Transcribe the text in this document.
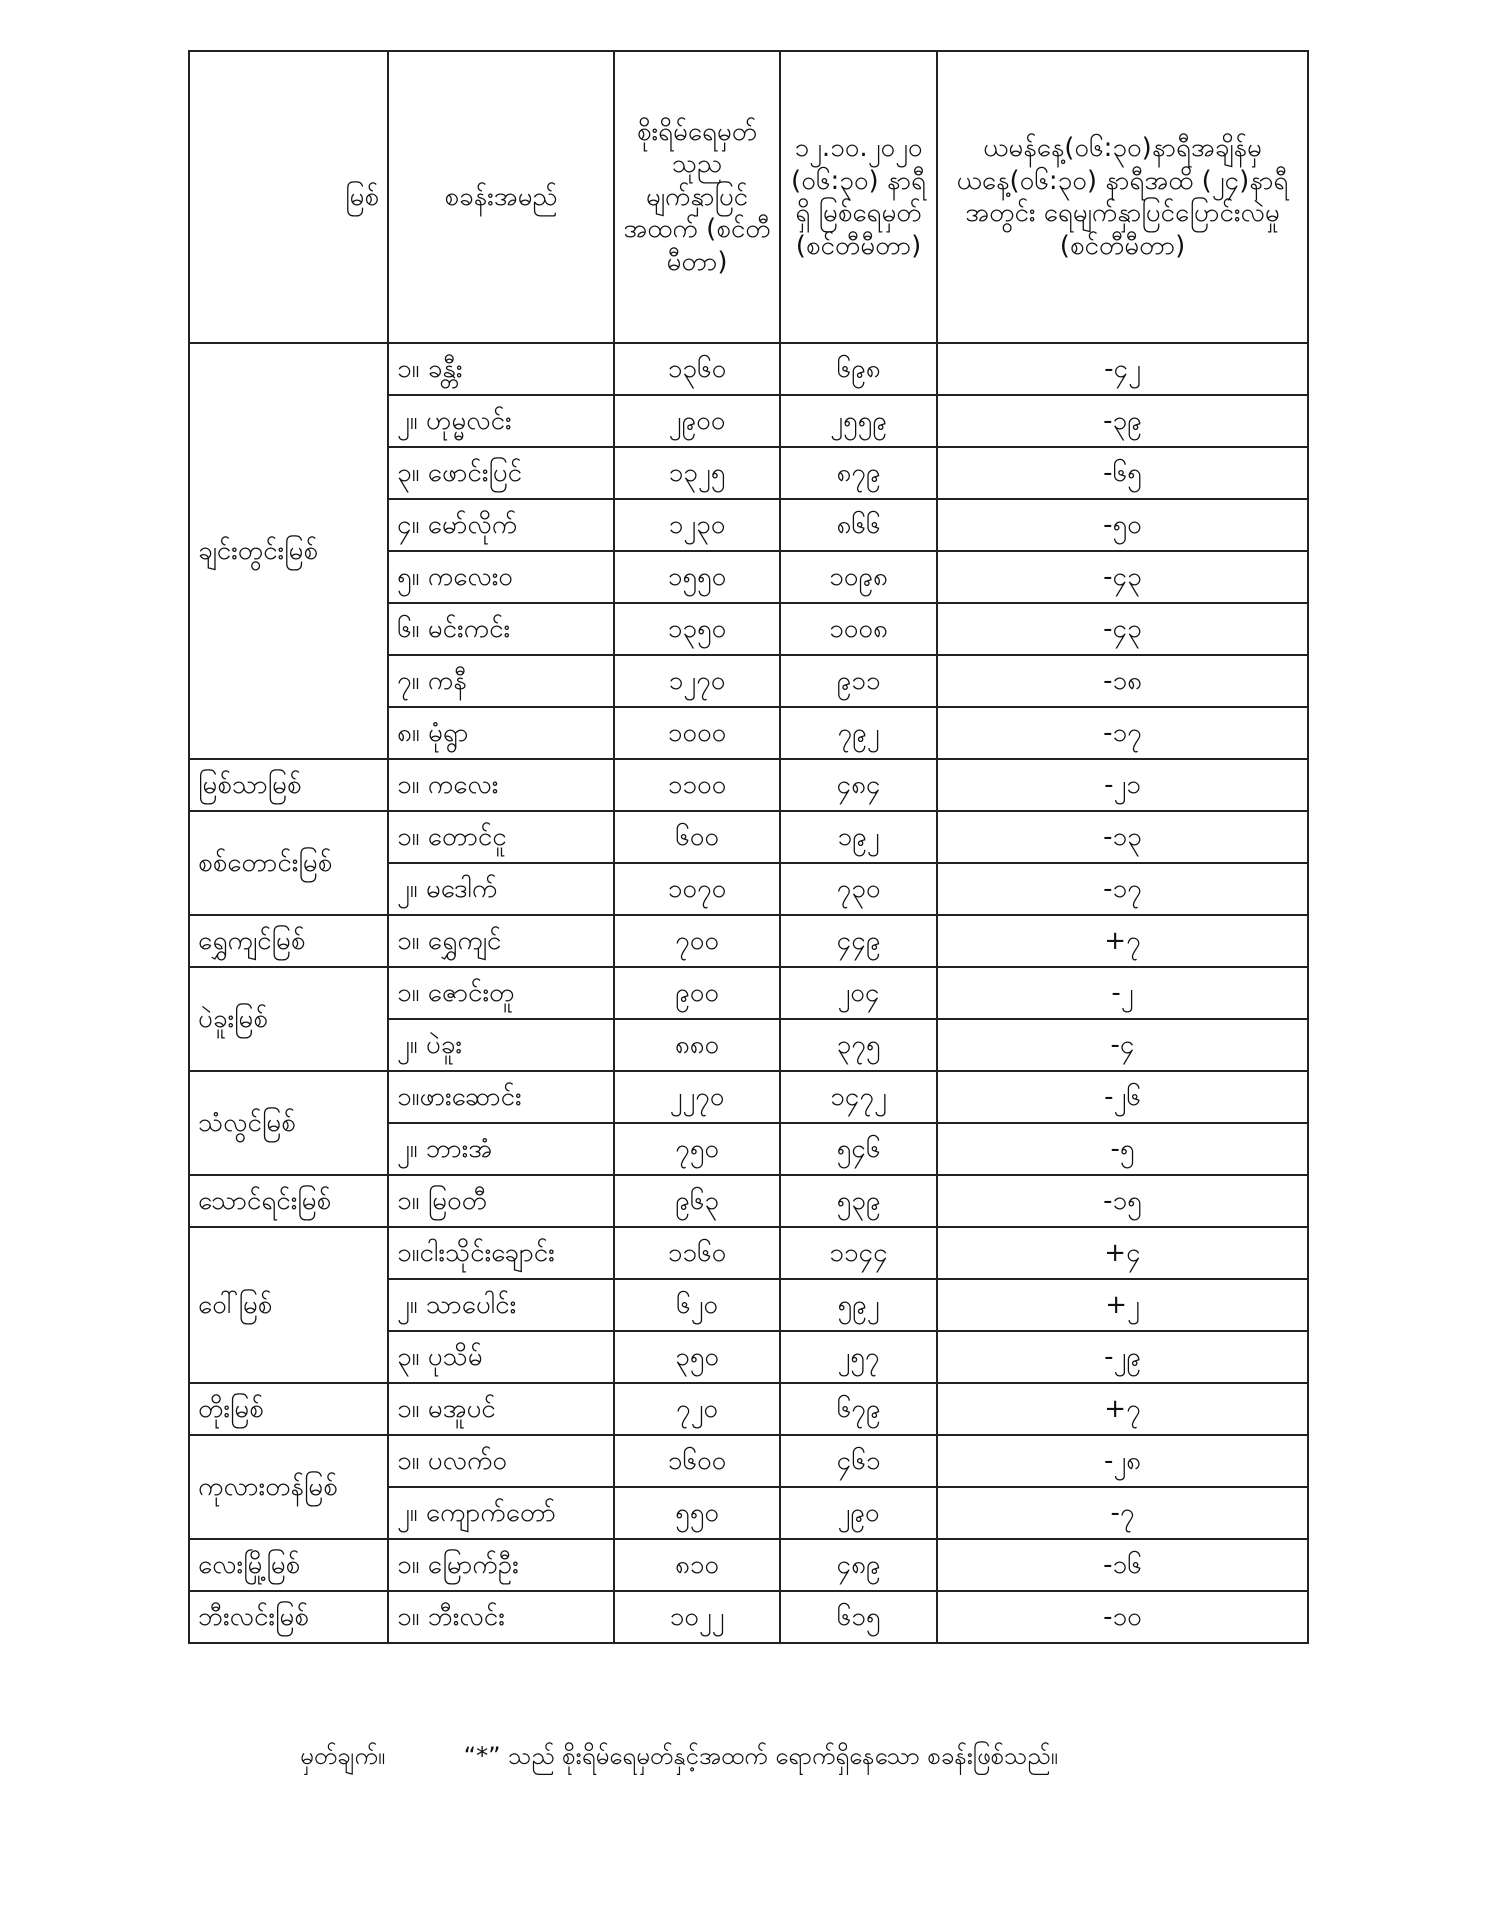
မြစ်	စခန်းအမည်	စိုးရိမ်ရေမှတ် သုည မျက်နှာပြင် အထက် (စင်တီမီတာ)	၁၂.၁၀.၂၀၂၀ (၀၆:၃၀) နာရီရှိ မြစ်ရေမှတ် (စင်တီမီတာ)	ယမန်နေ့(၀၆:၃၀)နာရီအချိန်မှ ယနေ့(၀၆:၃၀) နာရီအထိ (၂၄)နာရီအတွင်း ရေမျက်နှာပြင်ပြောင်းလဲမှု (စင်တီမီတာ)
ချင်းတွင်းမြစ်	၁။ ခန္တီး	၁၃၆၀	၆၉၈	-၄၂
	၂။ ဟုမ္မလင်း	၂၉၀၀	၂၅၅၉	-၃၉
	၃။ ဖောင်းပြင်	၁၃၂၅	၈၇၉	-၆၅
	၄။ မော်လိုက်	၁၂၃၀	၈၆၆	-၅၀
	၅။ ကလေးဝ	၁၅၅၀	၁၀၉၈	-၄၃
	၆။ မင်းကင်း	၁၃၅၀	၁၀၀၈	-၄၃
	၇။ ကနီ	၁၂၇၀	၉၁၁	-၁၈
	၈။ မုံရွာ	၁၀၀၀	၇၉၂	-၁၇
မြစ်သာမြစ်	၁။ ကလေး	၁၁၀၀	၄၈၄	-၂၁
စစ်တောင်းမြစ်	၁။ တောင်ငူ	၆၀၀	၁၉၂	-၁၃
	၂။ မဒေါက်	၁၀၇၀	၇၃၀	-၁၇
ရွှေကျင်မြစ်	၁။ ရွှေကျင်	၇၀၀	၄၄၉	+၇
ပဲခူးမြစ်	၁။ ဇောင်းတူ	၉၀၀	၂၀၄	-၂
	၂။ ပဲခူး	၈၈၀	၃၇၅	-၄
သံလွင်မြစ်	၁။ဖားဆောင်း	၂၂၇၀	၁၄၇၂	-၂၆
	၂။ ဘားအံ	၇၅၀	၅၄၆	-၅
သောင်ရင်းမြစ်	၁။ မြဝတီ	၉၆၃	၅၃၉	-၁၅
ဝေါ်မြစ်	၁။ငါးသိုင်းချောင်း	၁၁၆၀	၁၁၄၄	+၄
	၂။ သာပေါင်း	၆၂၀	၅၉၂	+၂
	၃။ ပုသိမ်	၃၅၀	၂၅၇	-၂၉
တိုးမြစ်	၁။ မအူပင်	၇၂၀	၆၇၉	+၇
ကုလားတန်မြစ်	၁။ ပလက်ဝ	၁၆၀၀	၄၆၁	-၂၈
	၂။ ကျောက်တော်	၅၅၀	၂၉၀	-၇
လေးမြို့မြစ်	၁။ မြောက်ဦး	၈၁၀	၄၈၉	-၁၆
ဘီးလင်းမြစ်	၁။ ဘီးလင်း	၁၀၂၂	၆၁၅	-၁၀
မှတ်ချက်။	“*” သည် စိုးရိမ်ရေမှတ်နှင့်အထက် ရောက်ရှိနေသော စခန်းဖြစ်သည်။
